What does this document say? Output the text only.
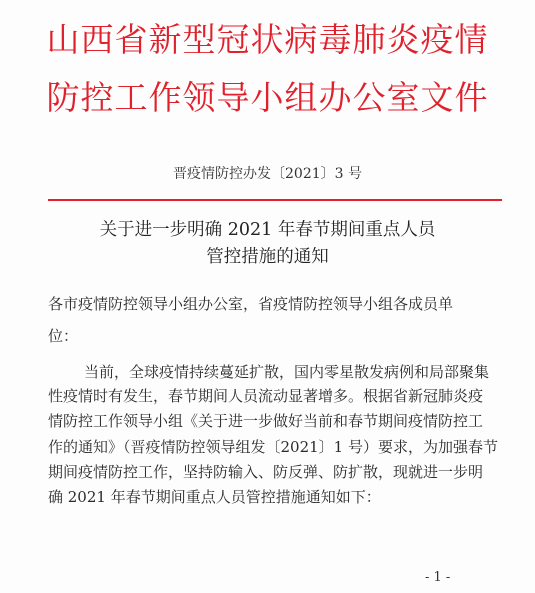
山西省新型冠状病毒肺炎疫情
防控工作领导小组办公室文件
晋疫情防控办发〔2021〕3 号
关于进一步明确 2021 年春节期间重点人员
管控措施的通知
各市疫情防控领导小组办公室，省疫情防控领导小组各成员单
位：
当前，全球疫情持续蔓延扩散，国内零星散发病例和局部聚集
性疫情时有发生，春节期间人员流动显著增多。根据省新冠肺炎疫
情防控工作领导小组《关于进一步做好当前和春节期间疫情防控工
作的通知》（晋疫情防控领导组发〔2021〕1 号）要求，为加强春节
期间疫情防控工作，坚持防输入、防反弹、防扩散，现就进一步明
确 2021 年春节期间重点人员管控措施通知如下：
- 1 -
